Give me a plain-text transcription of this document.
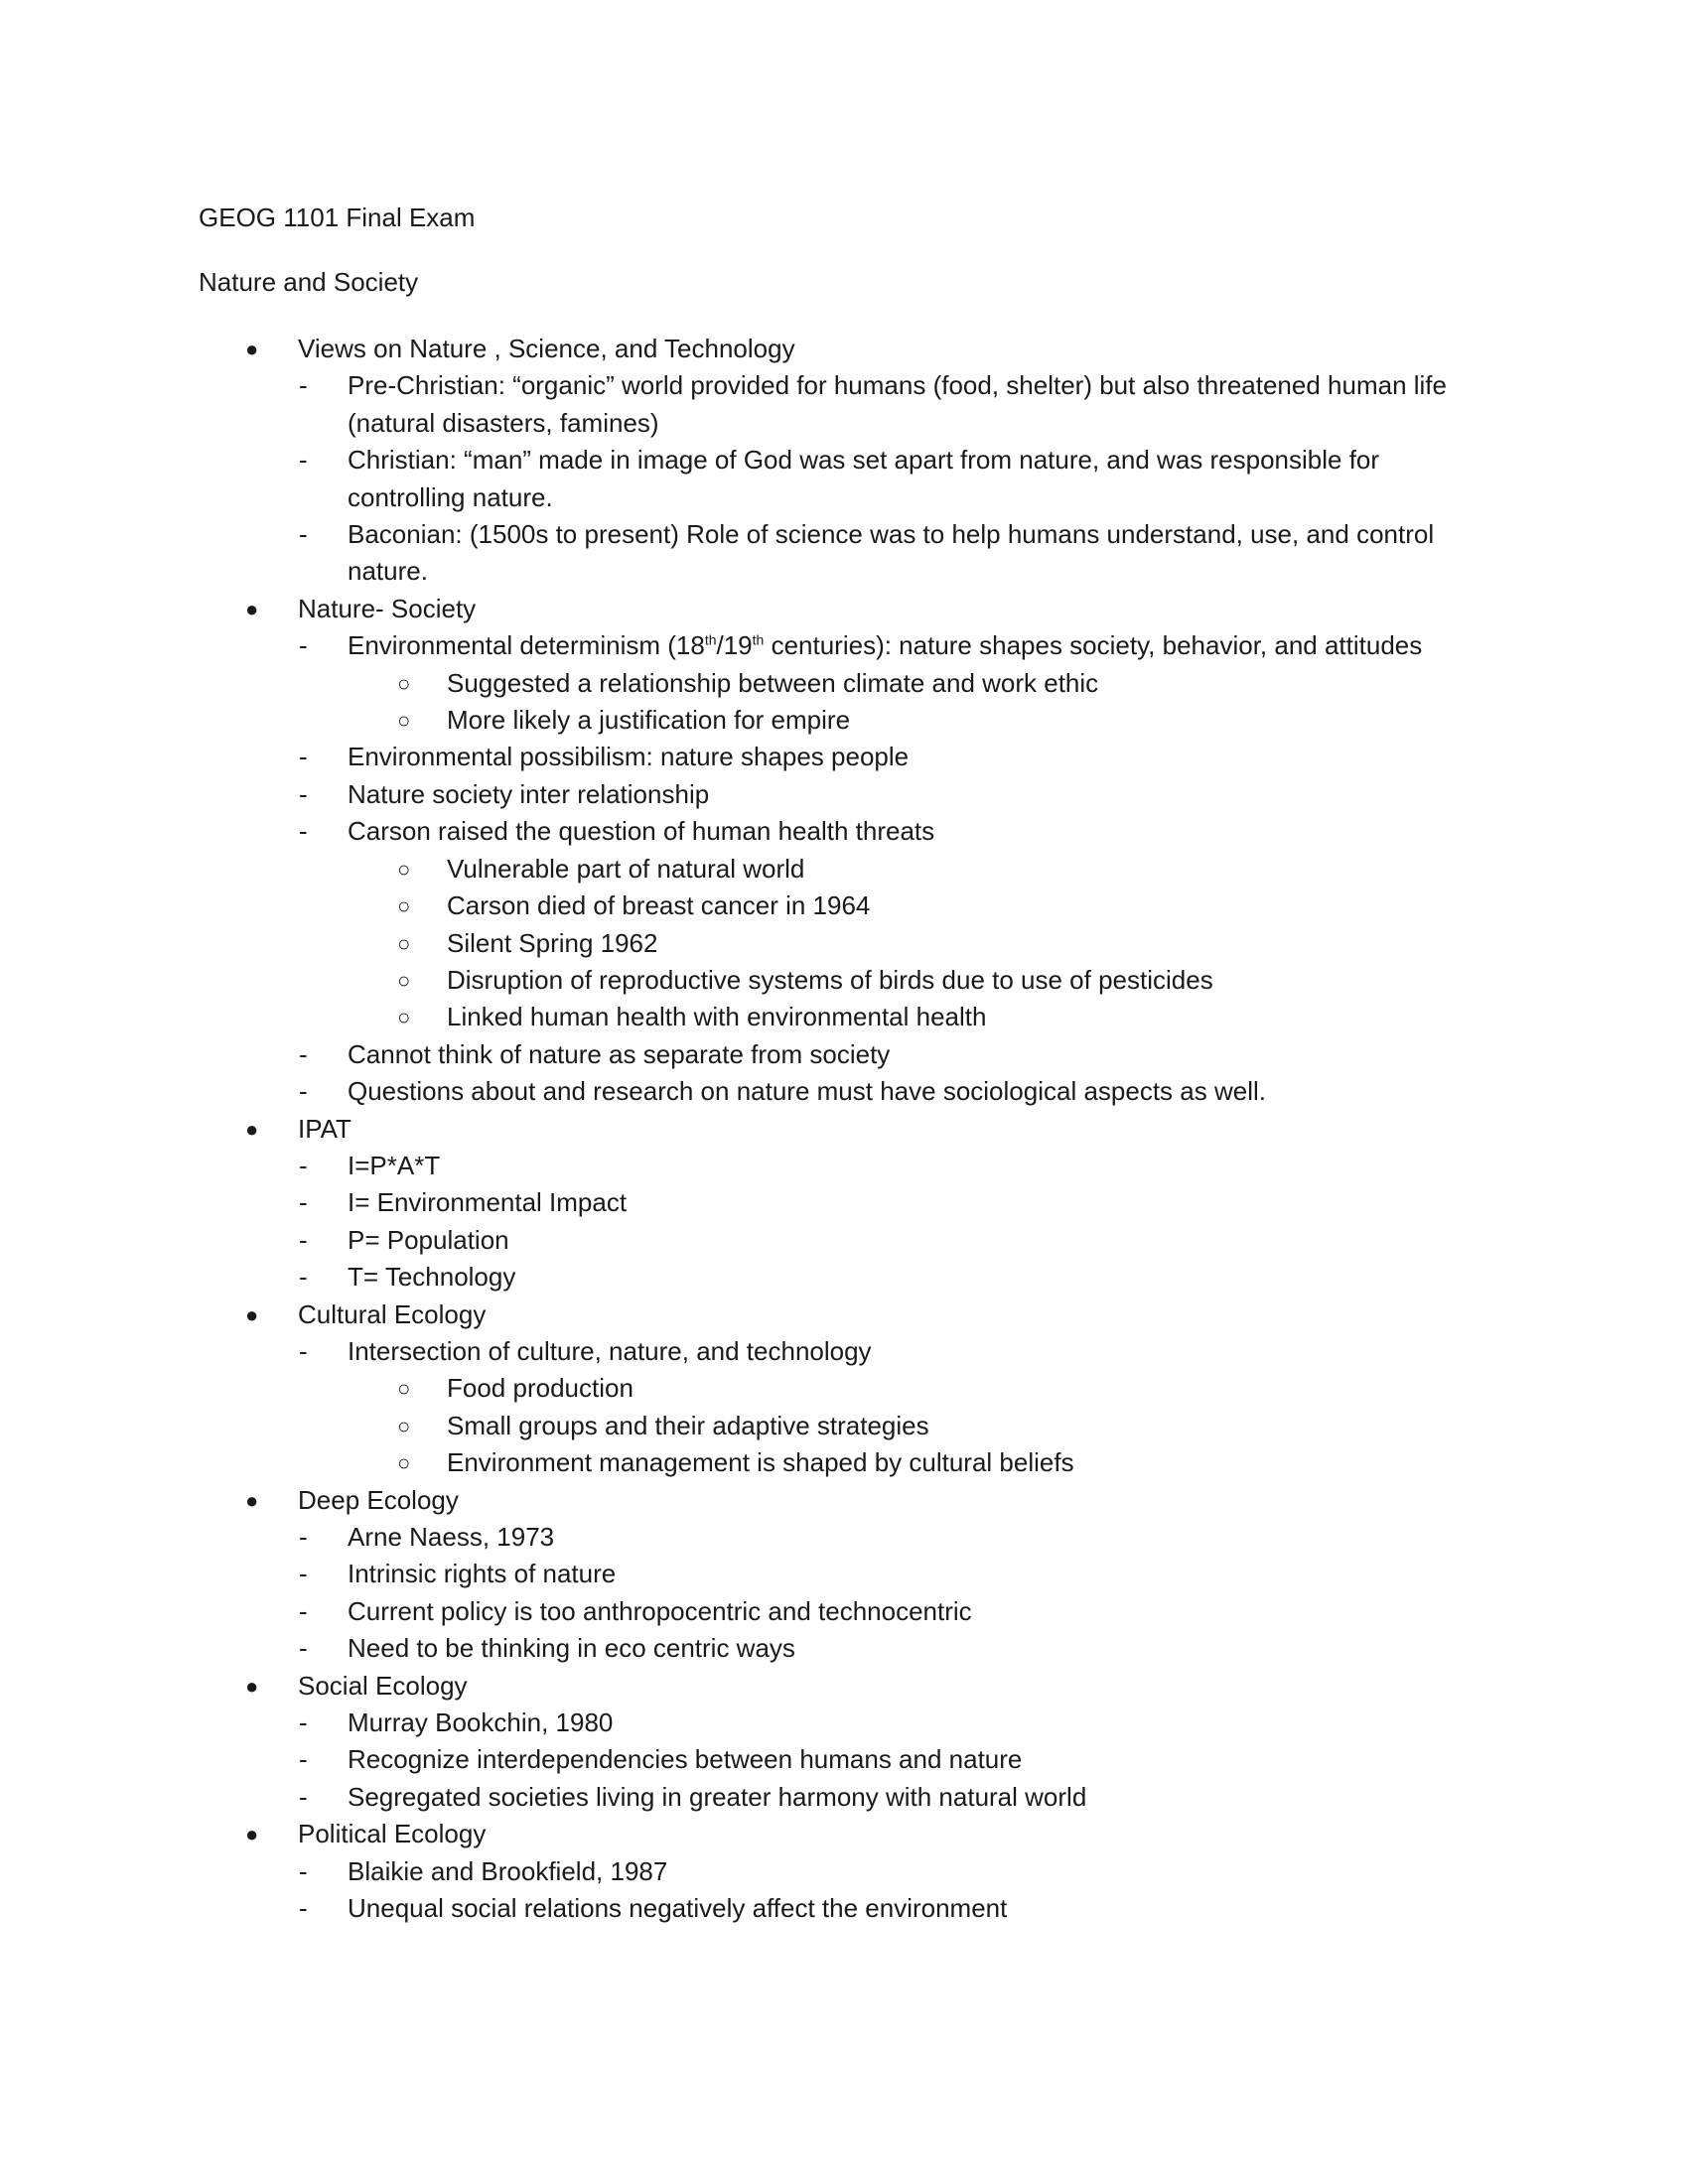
GEOG 1101 Final Exam
Nature and Society
● Views on Nature , Science, and Technology
- Pre-Christian: “organic” world provided for humans (food, shelter) but also threatened human life (natural disasters, famines)
- Christian: “man” made in image of God was set apart from nature, and was responsible for controlling nature.
- Baconian: (1500s to present) Role of science was to help humans understand, use, and control nature.
● Nature- Society
- Environmental determinism (18th/19th centuries): nature shapes society, behavior, and attitudes
○ Suggested a relationship between climate and work ethic
○ More likely a justification for empire
- Environmental possibilism: nature shapes people
- Nature society inter relationship
- Carson raised the question of human health threats
○ Vulnerable part of natural world
○ Carson died of breast cancer in 1964
○ Silent Spring 1962
○ Disruption of reproductive systems of birds due to use of pesticides
○ Linked human health with environmental health
- Cannot think of nature as separate from society
- Questions about and research on nature must have sociological aspects as well.
● IPAT
- I=P*A*T
- I= Environmental Impact
- P= Population
- T= Technology
● Cultural Ecology
- Intersection of culture, nature, and technology
○ Food production
○ Small groups and their adaptive strategies
○ Environment management is shaped by cultural beliefs
● Deep Ecology
- Arne Naess, 1973
- Intrinsic rights of nature
- Current policy is too anthropocentric and technocentric
- Need to be thinking in eco centric ways
● Social Ecology
- Murray Bookchin, 1980
- Recognize interdependencies between humans and nature
- Segregated societies living in greater harmony with natural world
● Political Ecology
- Blaikie and Brookfield, 1987
- Unequal social relations negatively affect the environment
